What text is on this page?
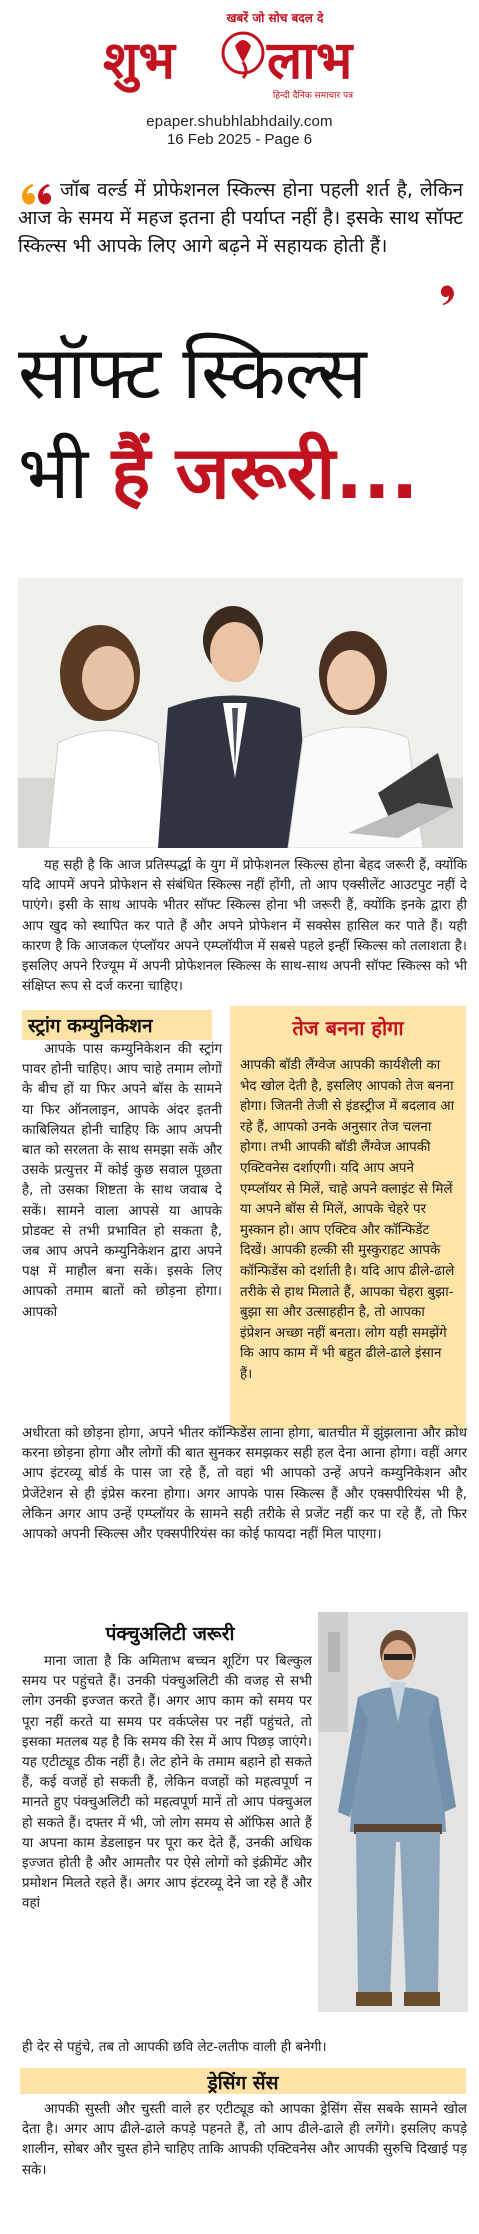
खबरें जो सोच बदल दे
शुभ लाभ
हिन्दी दैनिक समाचार पत्र
epaper.shubhlabhdaily.com
16 Feb 2025 - Page 6

जॉब वर्ल्ड में प्रोफेशनल स्किल्स होना पहली शर्त है, लेकिन आज के समय में महज इतना ही पर्याप्त नहीं है। इसके साथ सॉफ्ट स्किल्स भी आपके लिए आगे बढ़ने में सहायक होती हैं।

सॉफ्ट स्किल्स
भी हैं जरूरी...

यह सही है कि आज प्रतिस्पर्द्धा के युग में प्रोफेशनल स्किल्स होना बेहद जरूरी हैं, क्योंकि यदि आपमें अपने प्रोफेशन से संबंधित स्किल्स नहीं होंगी, तो आप एक्सीलेंट आउटपुट नहीं दे पाएंगे। इसी के साथ आपके भीतर सॉफ्ट स्किल्स होना भी जरूरी हैं, क्योंकि इनके द्वारा ही आप खुद को स्थापित कर पाते हैं और अपने प्रोफेशन में सक्सेस हासिल कर पाते हैं। यही कारण है कि आजकल एंप्लॉयर अपने एम्प्लॉयीज में सबसे पहले इन्हीं स्किल्स को तलाशता है। इसलिए अपने रिज्यूम में अपनी प्रोफेशनल स्किल्स के साथ-साथ अपनी सॉफ्ट स्किल्स को भी संक्षिप्त रूप से दर्ज करना चाहिए।

स्ट्रांग कम्युनिकेशन

आपके पास कम्युनिकेशन की स्ट्रांग पावर होनी चाहिए। आप चाहे तमाम लोगों के बीच हों या फिर अपने बॉस के सामने या फिर ऑनलाइन, आपके अंदर इतनी काबिलियत होनी चाहिए कि आप अपनी बात को सरलता के साथ समझा सकें और उसके प्रत्युत्तर में कोई कुछ सवाल पूछता है, तो उसका शिष्टता के साथ जवाब दे सकें। सामने वाला आपसे या आपके प्रोडक्ट से तभी प्रभावित हो सकता है, जब आप अपने कम्युनिकेशन द्वारा अपने पक्ष में माहौल बना सकें। इसके लिए आपको तमाम बातों को छोड़ना होगा। आपको

तेज बनना होगा

आपकी बॉडी लैंग्वेज आपकी कार्यशैली का भेद खोल देती है, इसलिए आपको तेज बनना होगा। जितनी तेजी से इंडस्ट्रीज में बदलाव आ रहे हैं, आपको उनके अनुसार तेज चलना होगा। तभी आपकी बॉडी लैंग्वेज आपकी एक्टिवनेस दर्शाएगी। यदि आप अपने एम्प्लॉयर से मिलें, चाहे अपने क्लाइंट से मिलें या अपने बॉस से मिलें, आपके चेहरे पर मुस्कान हो। आप एक्टिव और कॉन्फिडेंट दिखें। आपकी हल्की सी मुस्कुराहट आपके कॉन्फिडेंस को दर्शाती है। यदि आप ढीले-ढाले तरीके से हाथ मिलाते हैं, आपका चेहरा बुझा-बुझा सा और उत्साहहीन है, तो आपका इंप्रेशन अच्छा नहीं बनता। लोग यही समझेंगे कि आप काम में भी बहुत ढीले-ढाले इंसान हैं।

अधीरता को छोड़ना होगा, अपने भीतर कॉन्फिडेंस लाना होगा, बातचीत में झुंझलाना और क्रोध करना छोड़ना होगा और लोगों की बात सुनकर समझकर सही हल देना आना होगा। वहीं अगर आप इंटरव्यू बोर्ड के पास जा रहे हैं, तो वहां भी आपको उन्हें अपने कम्युनिकेशन और प्रेजेंटेशन से ही इंप्रेस करना होगा। अगर आपके पास स्किल्स हैं और एक्सपीरियंस भी है, लेकिन अगर आप उन्हें एम्प्लॉयर के सामने सही तरीके से प्रजेंट नहीं कर पा रहे हैं, तो फिर आपको अपनी स्किल्स और एक्सपीरियंस का कोई फायदा नहीं मिल पाएगा।

पंक्चुअलिटी जरूरी

माना जाता है कि अमिताभ बच्चन शूटिंग पर बिल्कुल समय पर पहुंचते हैं। उनकी पंक्चुअलिटी की वजह से सभी लोग उनकी इज्जत करते हैं। अगर आप काम को समय पर पूरा नहीं करते या समय पर वर्कप्लेस पर नहीं पहुंचते, तो इसका मतलब यह है कि समय की रेस में आप पिछड़ जाएंगे। यह एटीट्यूड ठीक नहीं है। लेट होने के तमाम बहाने हो सकते हैं, कई वजहें हो सकती हैं, लेकिन वजहों को महत्वपूर्ण न मानते हुए पंक्चुअलिटी को महत्वपूर्ण मानें तो आप पंक्चुअल हो सकते हैं। दफ्तर में भी, जो लोग समय से ऑफिस आते हैं या अपना काम डेडलाइन पर पूरा कर देते हैं, उनकी अधिक इज्जत होती है और आमतौर पर ऐसे लोगों को इंक्रीमेंट और प्रमोशन मिलते रहते हैं। अगर आप इंटरव्यू देने जा रहे हैं और वहां

ही देर से पहुंचे, तब तो आपकी छवि लेट-लतीफ वाली ही बनेगी।

ड्रेसिंग सेंस

आपकी सुस्ती और चुस्ती वाले हर एटीट्यूड को आपका ड्रेसिंग सेंस सबके सामने खोल देता है। अगर आप ढीले-ढाले कपड़े पहनते हैं, तो आप ढीले-ढाले ही लगेंगे। इसलिए कपड़े शालीन, सोबर और चुस्त होने चाहिए ताकि आपकी एक्टिवनेस और आपकी सुरुचि दिखाई पड़ सके।
